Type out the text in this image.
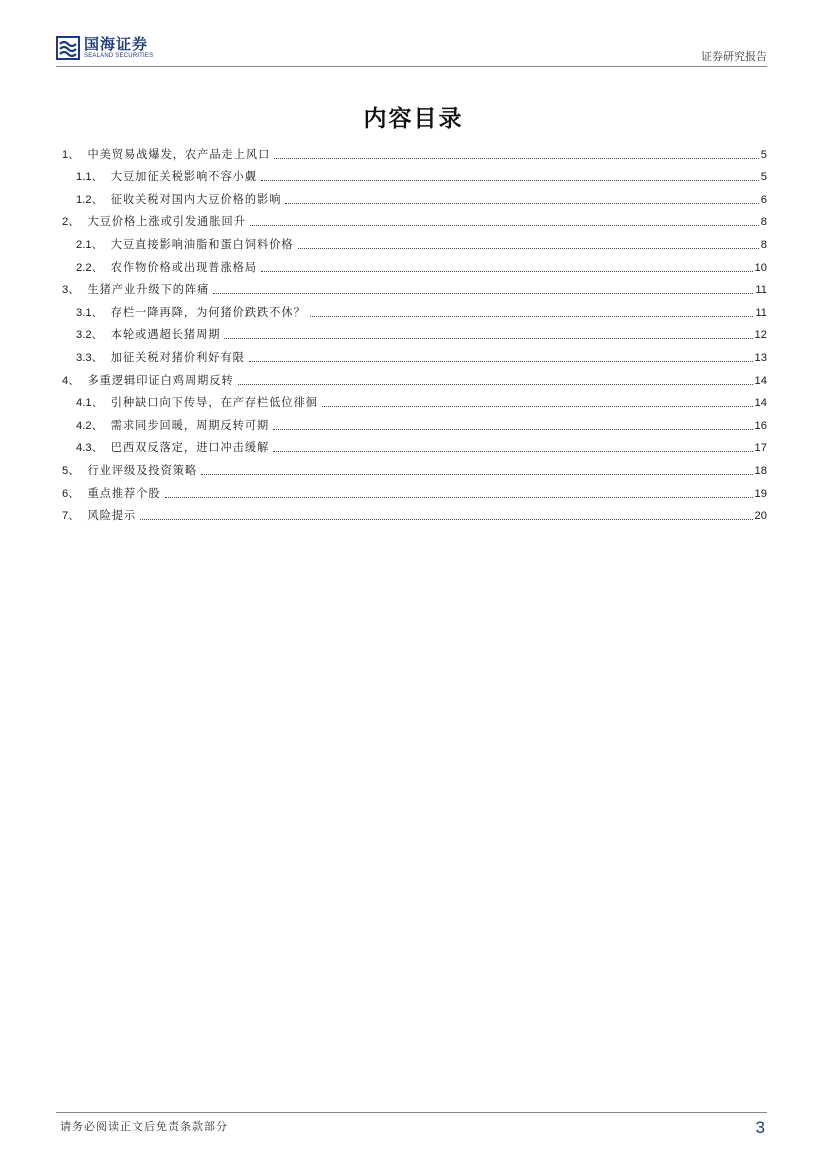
国海证券
SEALAND SECURITIES	证券研究报告
内容目录
1 、 中美贸易战爆发，农产品走上风口	5
1.1 、 大豆加征关税影响不容小觑	5
1.2 、 征收关税对国内大豆价格的影响	6
2 、 大豆价格上涨或引发通胀回升	8
2.1 、 大豆直接影响油脂和蛋白饲料价格	8
2.2 、 农作物价格或出现普涨格局	10
3 、 生猪产业升级下的阵痛	11
3.1 、 存栏一降再降，为何猪价跌跌不休？	11
3.2 、 本轮或遇超长猪周期	12
3.3 、 加征关税对猪价利好有限	13
4 、 多重逻辑印证白鸡周期反转	14
4.1 、 引种缺口向下传导，在产存栏低位徘徊	14
4.2 、 需求同步回暖，周期反转可期	16
4.3 、 巴西双反落定，进口冲击缓解	17
5 、 行业评级及投资策略	18
6 、 重点推荐个股	19
7 、 风险提示	20
请务必阅读正文后免责条款部分	3
